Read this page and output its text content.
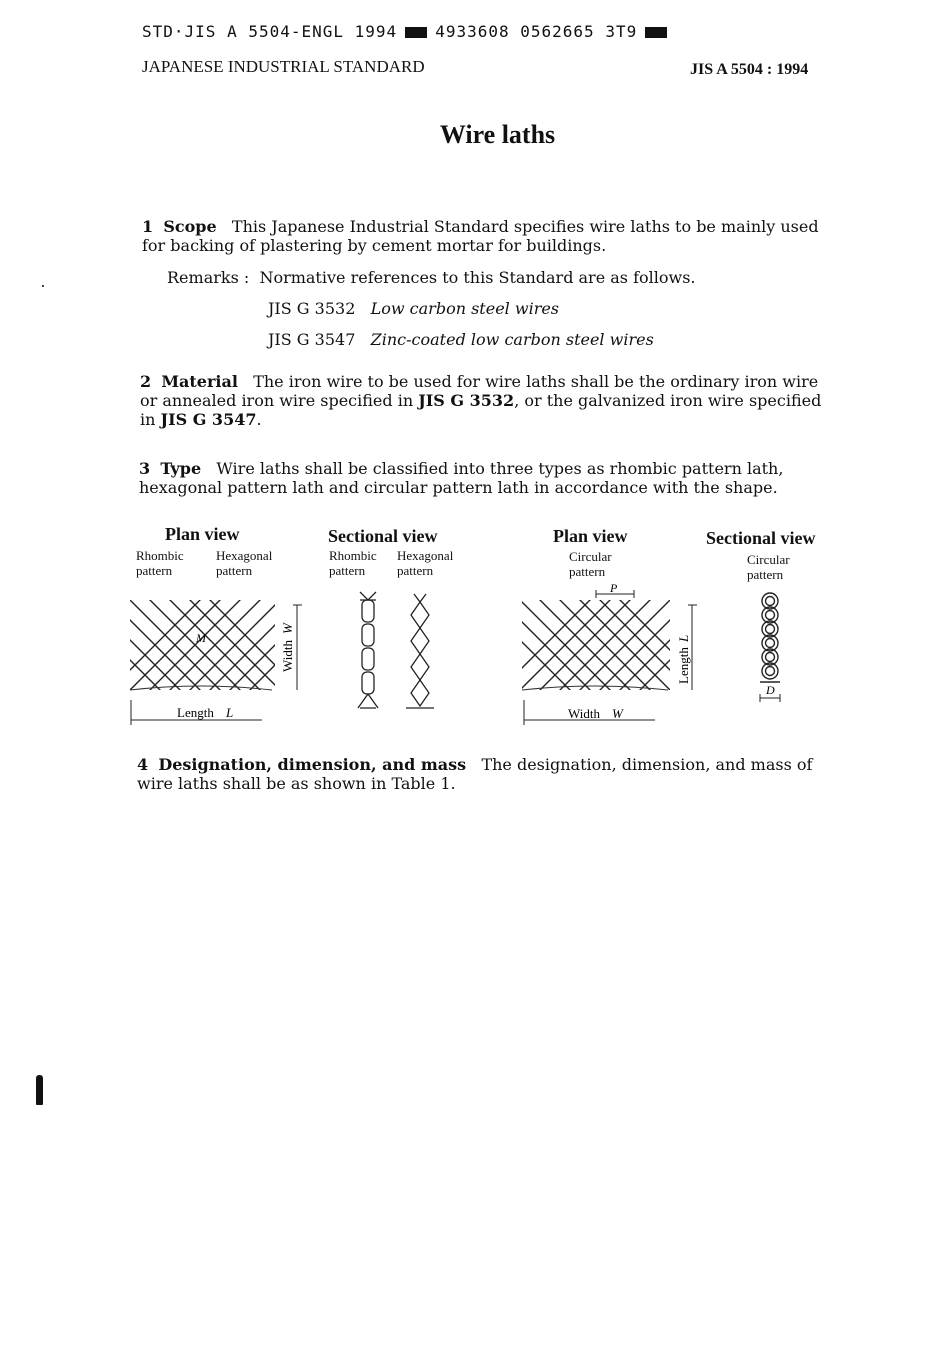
STD·JIS A 5504-ENGL 1994 4933608 0562665 3T9
JAPANESE INDUSTRIAL STANDARD	JIS A 5504 : 1994
Wire laths
1 Scope This Japanese Industrial Standard specifies wire laths to be mainly used
for backing of plastering by cement mortar for buildings.
Remarks : Normative references to this Standard are as follows.
JIS G 3532 Low carbon steel wires
JIS G 3547 Zinc-coated low carbon steel wires
2 Material The iron wire to be used for wire laths shall be the ordinary iron wire
or annealed iron wire specified in JIS G 3532, or the galvanized iron wire specified
in JIS G 3547.
3 Type Wire laths shall be classified into three types as rhombic pattern lath,
hexagonal pattern lath and circular pattern lath in accordance with the shape.
Plan view
Rhombic
pattern
Hexagonal
pattern
Sectional view
Rhombic
pattern
Hexagonal
pattern
Plan view
Circular
pattern
Sectional view
Circular
pattern
Width
W
M
Length L
P
Length
L
Width W
D
4 Designation, dimension, and mass The designation, dimension, and mass of
wire laths shall be as shown in Table 1.
